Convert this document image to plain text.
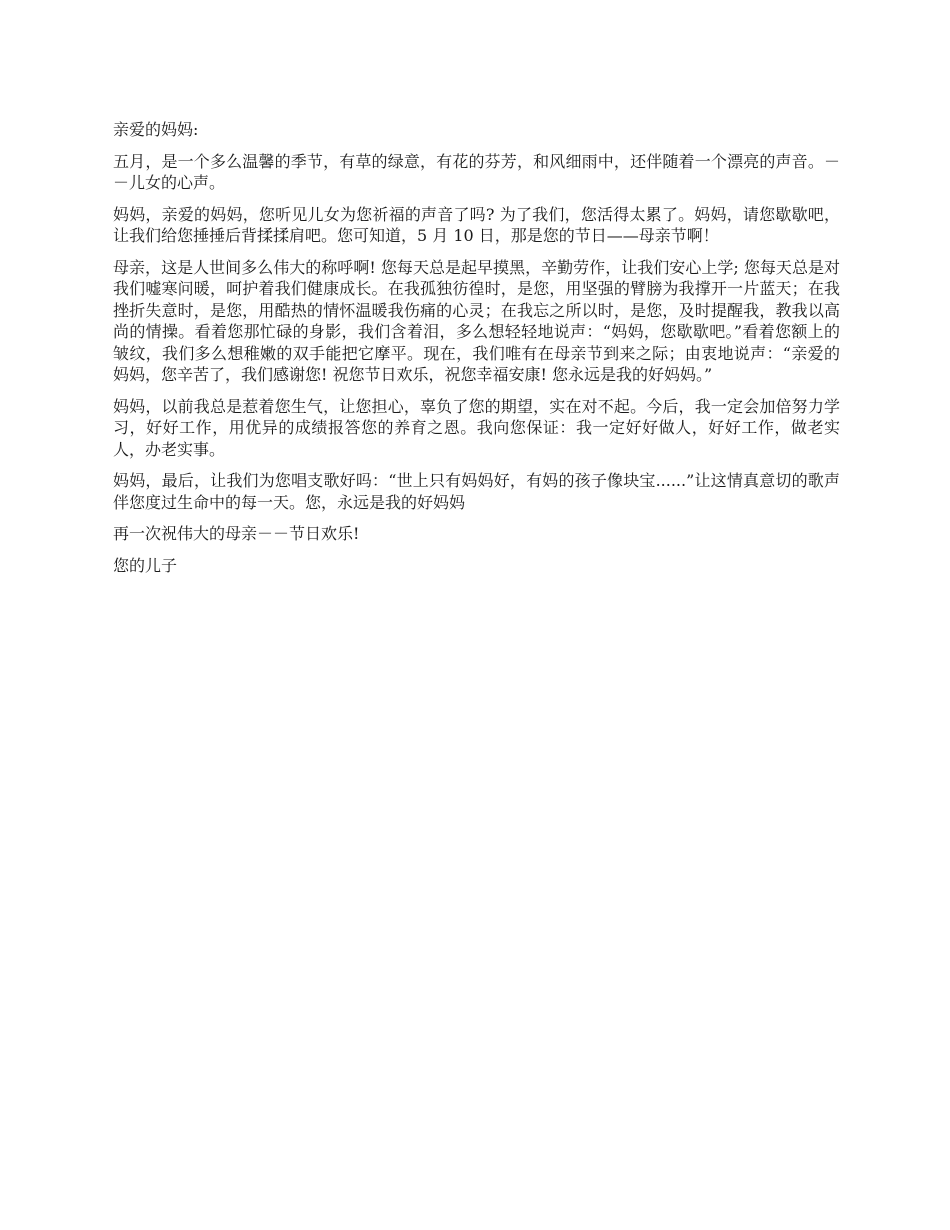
亲爱的妈妈:

五月，是一个多么温馨的季节，有草的绿意，有花的芬芳，和风细雨中，还伴随着一个漂亮的声音。－－儿女的心声。

妈妈，亲爱的妈妈，您听见儿女为您祈福的声音了吗? 为了我们，您活得太累了。妈妈，请您歇歇吧，让我们给您捶捶后背揉揉肩吧。您可知道，5 月 10 日，那是您的节日——母亲节啊！

母亲，这是人世间多么伟大的称呼啊! 您每天总是起早摸黑，辛勤劳作，让我们安心上学; 您每天总是对我们嘘寒问暖，呵护着我们健康成长。在我孤独彷徨时，是您，用坚强的臂膀为我撑开一片蓝天；在我挫折失意时，是您，用酷热的情怀温暖我伤痛的心灵；在我忘之所以时，是您，及时提醒我，教我以高尚的情操。看着您那忙碌的身影，我们含着泪，多么想轻轻地说声：“妈妈，您歇歇吧。”看着您额上的皱纹，我们多么想稚嫩的双手能把它摩平。现在，我们唯有在母亲节到来之际；由衷地说声：“亲爱的妈妈，您辛苦了，我们感谢您! 祝您节日欢乐，祝您幸福安康! 您永远是我的好妈妈。”

妈妈，以前我总是惹着您生气，让您担心，辜负了您的期望，实在对不起。今后，我一定会加倍努力学习，好好工作，用优异的成绩报答您的养育之恩。我向您保证：我一定好好做人，好好工作，做老实人，办老实事。

妈妈，最后，让我们为您唱支歌好吗：“世上只有妈妈好，有妈的孩子像块宝......”让这情真意切的歌声伴您度过生命中的每一天。您，永远是我的好妈妈

再一次祝伟大的母亲－－节日欢乐!

您的儿子
